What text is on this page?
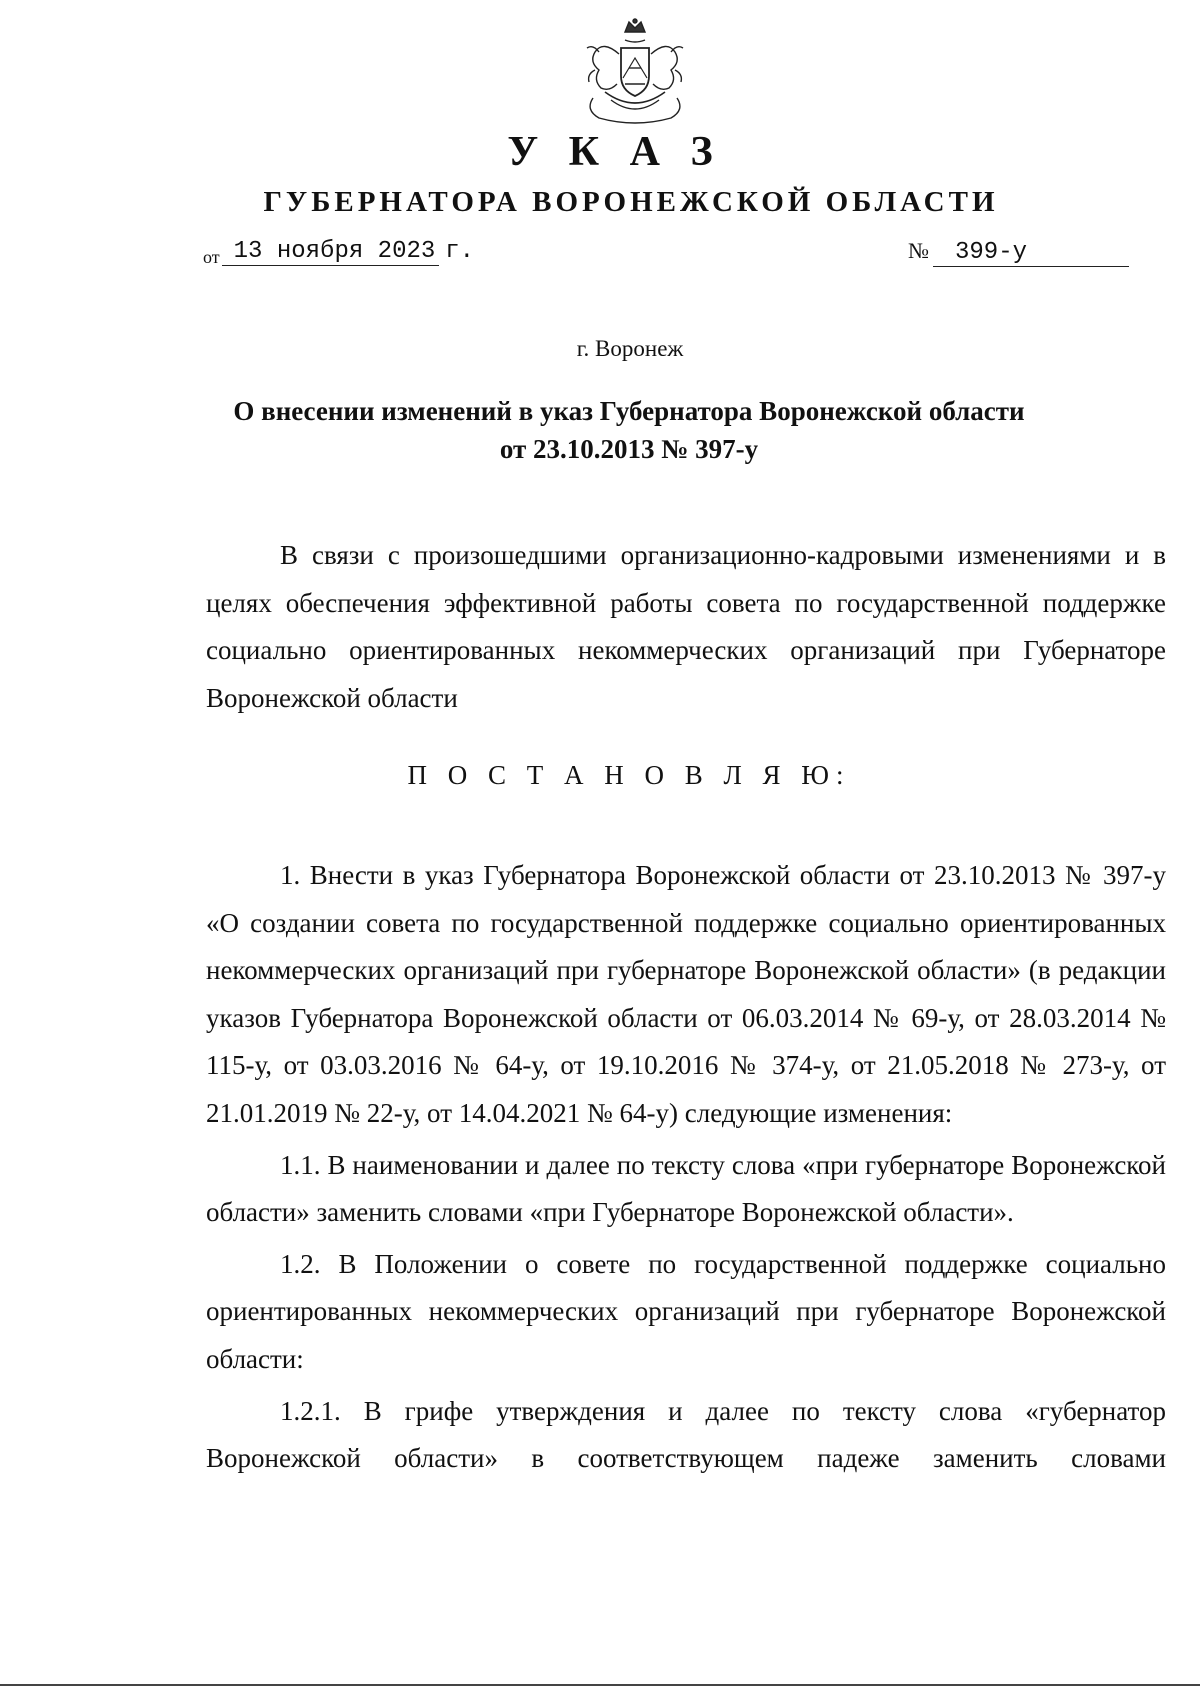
У К А З
ГУБЕРНАТОРА ВОРОНЕЖСКОЙ ОБЛАСТИ
от 13 ноября 2023 г.	№ 399-у
г. Воронеж
О внесении изменений в указ Губернатора Воронежской области
от 23.10.2013 № 397-у

В связи с произошедшими организационно-кадровыми изменениями и в целях обеспечения эффективной работы совета по государственной поддержке социально ориентированных некоммерческих организаций при Губернаторе Воронежской области

П О С Т А Н О В Л Я Ю:

1. Внести в указ Губернатора Воронежской области от 23.10.2013 № 397-у «О создании совета по государственной поддержке социально ориентированных некоммерческих организаций при губернаторе Воронежской области» (в редакции указов Губернатора Воронежской области от 06.03.2014 № 69-у, от 28.03.2014 № 115-у, от 03.03.2016 № 64-у, от 19.10.2016 № 374-у, от 21.05.2018 № 273-у, от 21.01.2019 № 22-у, от 14.04.2021 № 64-у) следующие изменения:

1.1. В наименовании и далее по тексту слова «при губернаторе Воронежской области» заменить словами «при Губернаторе Воронежской области».

1.2. В Положении о совете по государственной поддержке социально ориентированных некоммерческих организаций при губернаторе Воронежской области:

1.2.1. В грифе утверждения и далее по тексту слова «губернатор Воронежской области» в соответствующем падеже заменить словами
